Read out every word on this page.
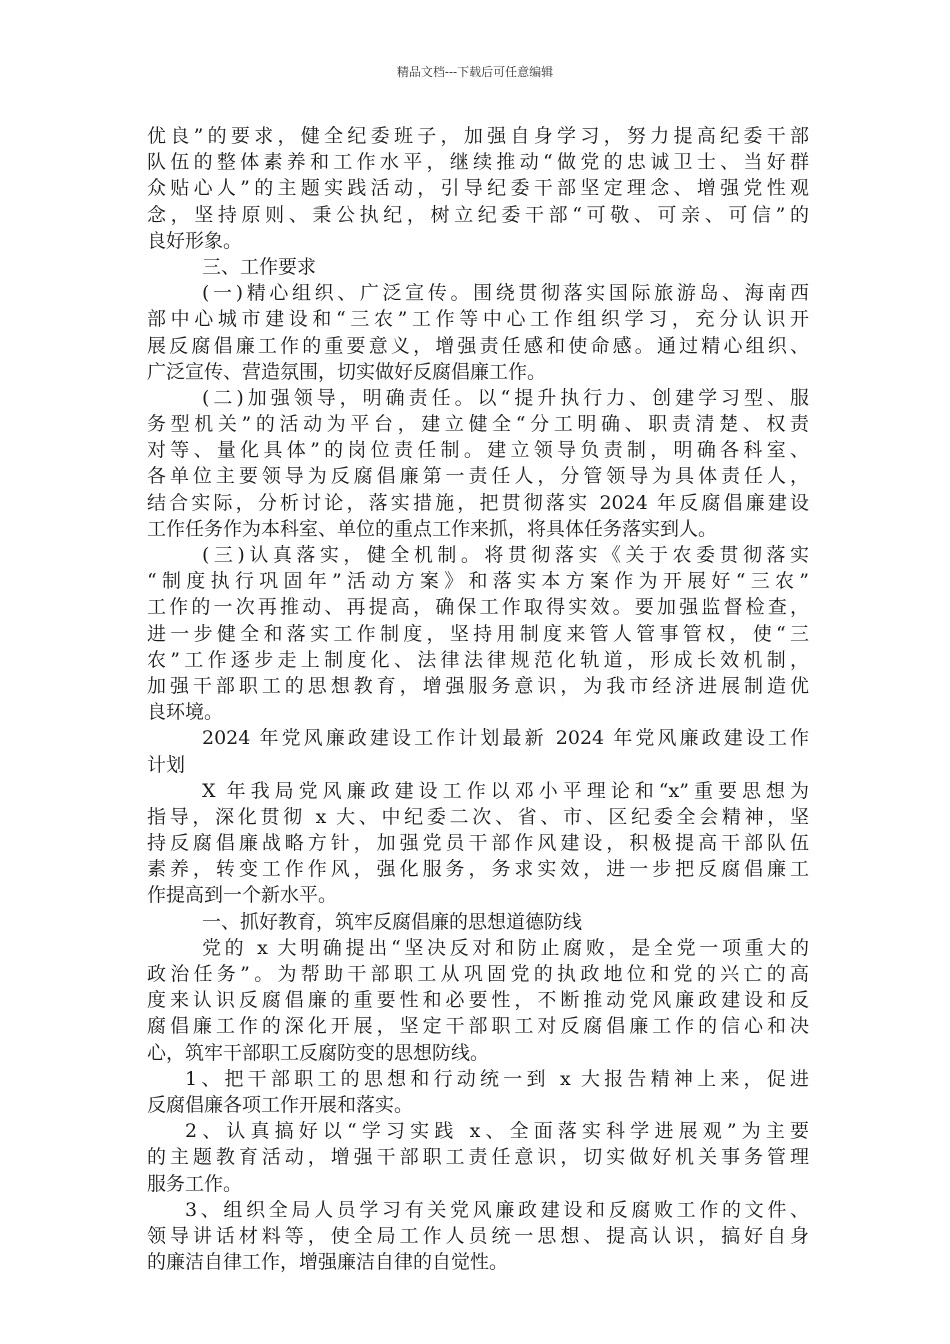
精品文档---下载后可任意编辑
优良”的要求，健全纪委班子，加强自身学习，努力提高纪委干部
队伍的整体素养和工作水平，继续推动“做党的忠诚卫士、当好群
众贴心人”的主题实践活动，引导纪委干部坚定理念、增强党性观
念，坚持原则、秉公执纪，树立纪委干部“可敬、可亲、可信”的
良好形象。
三、工作要求
(一)精心组织、广泛宣传。围绕贯彻落实国际旅游岛、海南西
部中心城市建设和“三农”工作等中心工作组织学习，充分认识开
展反腐倡廉工作的重要意义，增强责任感和使命感。通过精心组织、
广泛宣传、营造氛围，切实做好反腐倡廉工作。
(二)加强领导，明确责任。以“提升执行力、创建学习型、服
务型机关”的活动为平台，建立健全“分工明确、职责清楚、权责
对等、量化具体”的岗位责任制。建立领导负责制，明确各科室、
各单位主要领导为反腐倡廉第一责任人，分管领导为具体责任人，
结合实际，分析讨论，落实措施，把贯彻落实 2024 年反腐倡廉建设
工作任务作为本科室、单位的重点工作来抓，将具体任务落实到人。
(三)认真落实，健全机制。将贯彻落实《关于农委贯彻落实
“制度执行巩固年”活动方案》和落实本方案作为开展好“三农”
工作的一次再推动、再提高，确保工作取得实效。要加强监督检查，
进一步健全和落实工作制度，坚持用制度来管人管事管权，使“三
农”工作逐步走上制度化、法律法律规范化轨道，形成长效机制，
加强干部职工的思想教育，增强服务意识，为我市经济进展制造优
良环境。
2024 年党风廉政建设工作计划最新 2024 年党风廉政建设工作
计划
X 年我局党风廉政建设工作以邓小平理论和“x”重要思想为
指导，深化贯彻 x 大、中纪委二次、省、市、区纪委全会精神，坚
持反腐倡廉战略方针，加强党员干部作风建设，积极提高干部队伍
素养，转变工作作风，强化服务，务求实效，进一步把反腐倡廉工
作提高到一个新水平。
一、抓好教育，筑牢反腐倡廉的思想道德防线
党的 x 大明确提出“坚决反对和防止腐败，是全党一项重大的
政治任务”。为帮助干部职工从巩固党的执政地位和党的兴亡的高
度来认识反腐倡廉的重要性和必要性，不断推动党风廉政建设和反
腐倡廉工作的深化开展，坚定干部职工对反腐倡廉工作的信心和决
心，筑牢干部职工反腐防变的思想防线。
1、把干部职工的思想和行动统一到 x 大报告精神上来，促进
反腐倡廉各项工作开展和落实。
2、认真搞好以“学习实践 x、全面落实科学进展观”为主要
的主题教育活动，增强干部职工责任意识，切实做好机关事务管理
服务工作。
3、组织全局人员学习有关党风廉政建设和反腐败工作的文件、
领导讲话材料等，使全局工作人员统一思想、提高认识，搞好自身
的廉洁自律工作，增强廉洁自律的自觉性。
